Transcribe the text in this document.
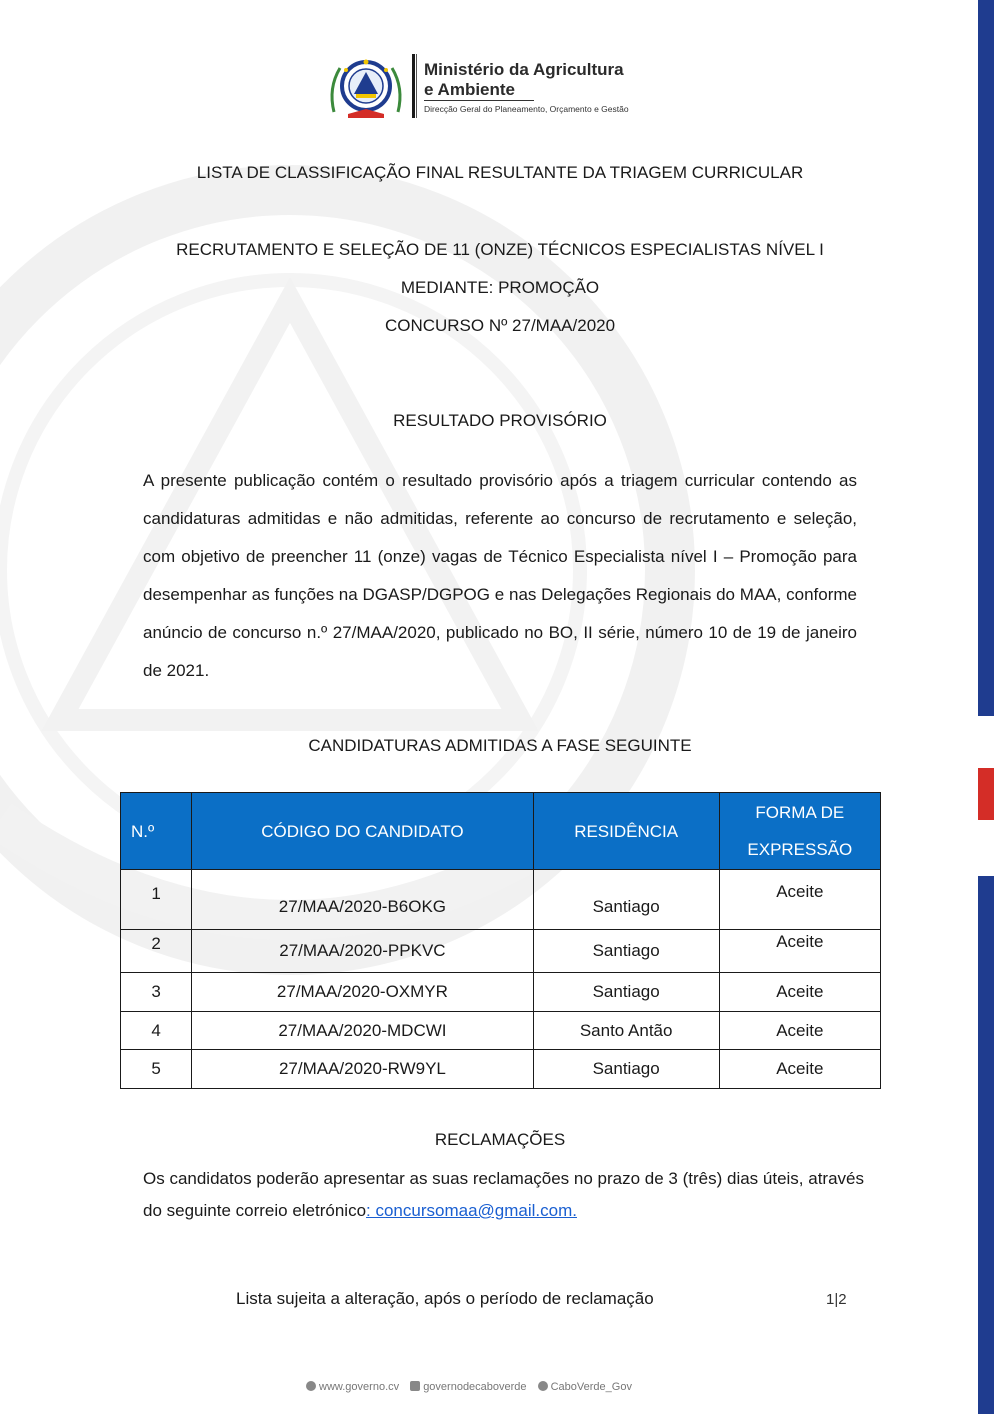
Ministério da Agricultura
e Ambiente
Direcção Geral do Planeamento, Orçamento e Gestão
LISTA DE CLASSIFICAÇÃO FINAL RESULTANTE DA TRIAGEM CURRICULAR
RECRUTAMENTO E SELEÇÃO DE 11 (ONZE) TÉCNICOS ESPECIALISTAS NÍVEL I
MEDIANTE: PROMOÇÃO
CONCURSO Nº 27/MAA/2020
RESULTADO PROVISÓRIO
A presente publicação contém o resultado provisório após a triagem curricular contendo as candidaturas admitidas e não admitidas, referente ao concurso de recrutamento e seleção, com objetivo de preencher 11 (onze) vagas de Técnico Especialista nível I – Promoção para desempenhar as funções na DGASP/DGPOG e nas Delegações Regionais do MAA, conforme anúncio de concurso n.º 27/MAA/2020, publicado no BO, II série, número 10 de 19 de janeiro de 2021.
CANDIDATURAS ADMITIDAS A FASE SEGUINTE
N.º	CÓDIGO DO CANDIDATO	RESIDÊNCIA	FORMA DE
EXPRESSÃO

1	27/MAA/2020-B6OKG	Santiago	Aceite
2	27/MAA/2020-PPKVC	Santiago	Aceite
3	27/MAA/2020-OXMYR	Santiago	Aceite
4	27/MAA/2020-MDCWI	Santo Antão	Aceite
5	27/MAA/2020-RW9YL	Santiago	Aceite
RECLAMAÇÕES
Os candidatos poderão apresentar as suas reclamações no prazo de 3 (três) dias úteis, através do seguinte correio eletrónico: concursomaa@gmail.com.
Lista sujeita a alteração, após o período de reclamação	1|2
www.governo.cv governodecaboverde CaboVerde_Gov
